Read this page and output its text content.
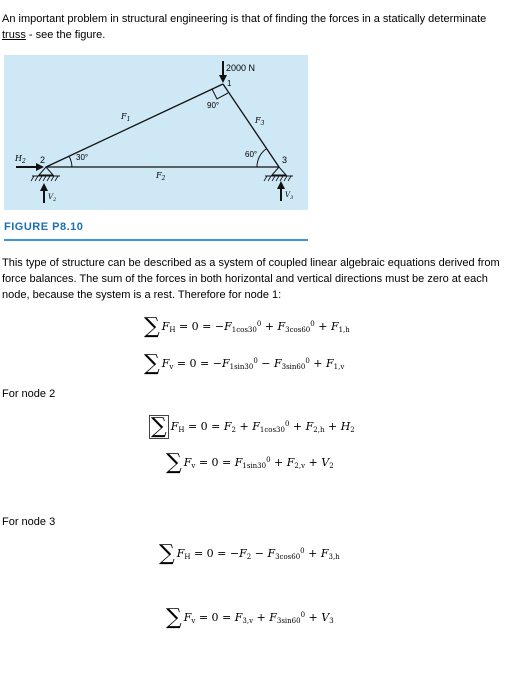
An important problem in structural engineering is that of finding the forces in a statically determinate truss - see the figure.
2000 N
1
2	3
90°
30°	60°
$F_1$
$F_2$
$F_3$
$H_2$
$V_2$
$V_3$
FIGURE P8.10
This type of structure can be described as a system of coupled linear algebraic equations derived from force balances. The sum of the forces in both horizontal and vertical directions must be zero at each node, because the system is a rest. Therefore for node 1:
∑ $F_H = 0 = -F_{1cos30}^0 + F_{3cos60}^0 + F_{1,h}$
∑ $F_v = 0 = -F_{1sin30}^0 - F_{3sin60}^0 + F_{1,v}$
For node 2
∑ $F_H = 0 = F_2 + F_{1cos30}^0 + F_{2,h} + H_2$
∑ $F_v = 0 = F_{1sin30}^0 + F_{2,v} + V_2$
For node 3
∑ $F_H = 0 = -F_2 - F_{3cos60}^0 + F_{3,h}$
∑ $F_v = 0 = F_{3,v} + F_{3sin60}^0 + V_3$
